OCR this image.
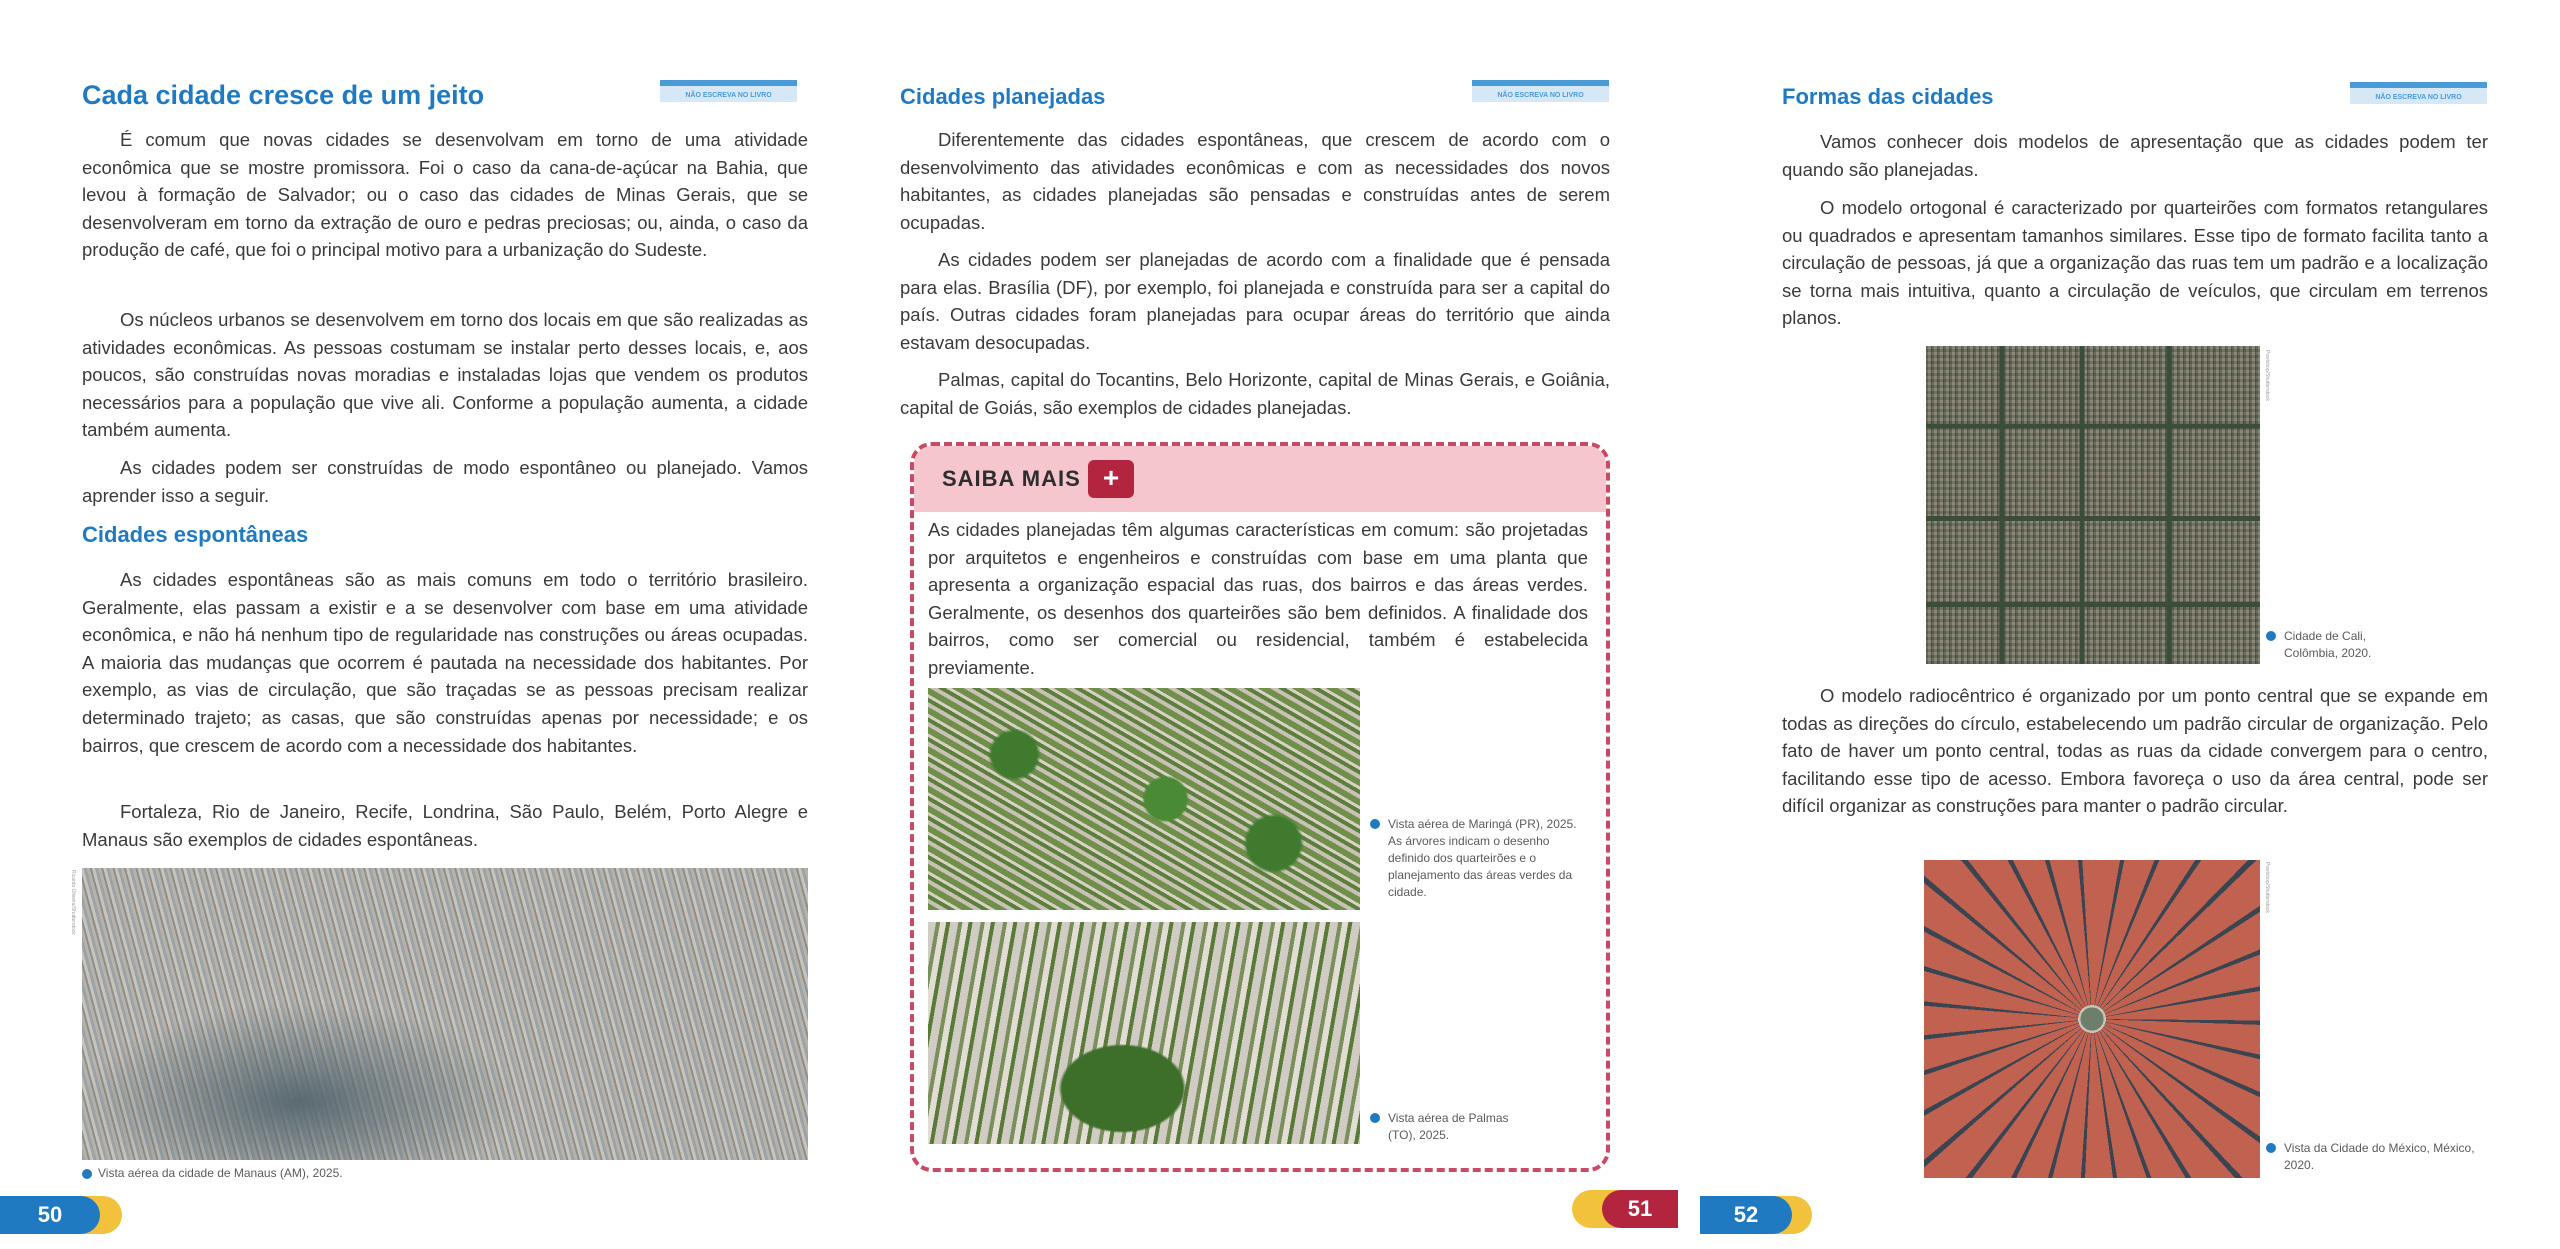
Cada cidade cresce de um jeito	NÃO ESCREVA NO LIVRO

É comum que novas cidades se desenvolvam em torno de uma atividade econômica que se mostre promissora. Foi o caso da cana-de-açúcar na Bahia, que levou à formação de Salvador; ou o caso das cidades de Minas Gerais, que se desenvolveram em torno da extração de ouro e pedras preciosas; ou, ainda, o caso da produção de café, que foi o principal motivo para a urbanização do Sudeste.

Os núcleos urbanos se desenvolvem em torno dos locais em que são realizadas as atividades econômicas. As pessoas costumam se instalar perto desses locais, e, aos poucos, são construídas novas moradias e instaladas lojas que vendem os produtos necessários para a população que vive ali. Conforme a população aumenta, a cidade também aumenta.

As cidades podem ser construídas de modo espontâneo ou planejado. Vamos aprender isso a seguir.

Cidades espontâneas

As cidades espontâneas são as mais comuns em todo o território brasileiro. Geralmente, elas passam a existir e a se desenvolver com base em uma atividade econômica, e não há nenhum tipo de regularidade nas construções ou áreas ocupadas. A maioria das mudanças que ocorrem é pautada na necessidade dos habitantes. Por exemplo, as vias de circulação, que são traçadas se as pessoas precisam realizar determinado trajeto; as casas, que são construídas apenas por necessidade; e os bairros, que crescem de acordo com a necessidade dos habitantes.

Fortaleza, Rio de Janeiro, Recife, Londrina, São Paulo, Belém, Porto Alegre e Manaus são exemplos de cidades espontâneas.

Ricardo Oliveira/Shutterstock
Vista aérea da cidade de Manaus (AM), 2025.
50
Cidades planejadas	NÃO ESCREVA NO LIVRO

Diferentemente das cidades espontâneas, que crescem de acordo com o desenvolvimento das atividades econômicas e com as necessidades dos novos habitantes, as cidades planejadas são pensadas e construídas antes de serem ocupadas.

As cidades podem ser planejadas de acordo com a finalidade que é pensada para elas. Brasília (DF), por exemplo, foi planejada e construída para ser a capital do país. Outras cidades foram planejadas para ocupar áreas do território que ainda estavam desocupadas.

Palmas, capital do Tocantins, Belo Horizonte, capital de Minas Gerais, e Goiânia, capital de Goiás, são exemplos de cidades planejadas.

SAIBA MAIS +

As cidades planejadas têm algumas características em comum: são projetadas por arquitetos e engenheiros e construídas com base em uma planta que apresenta a organização espacial das ruas, dos bairros e das áreas verdes. Geralmente, os desenhos dos quarteirões são bem definidos. A finalidade dos bairros, como ser comercial ou residencial, também é estabelecida previamente.

Vista aérea de Maringá (PR), 2025. As árvores indicam o desenho definido dos quarteirões e o planejamento das áreas verdes da cidade.
Vista aérea de Palmas (TO), 2025.
51
Formas das cidades	NÃO ESCREVA NO LIVRO

Vamos conhecer dois modelos de apresentação que as cidades podem ter quando são planejadas.

O modelo ortogonal é caracterizado por quarteirões com formatos retangulares ou quadrados e apresentam tamanhos similares. Esse tipo de formato facilita tanto a circulação de pessoas, já que a organização das ruas tem um padrão e a localização se torna mais intuitiva, quanto a circulação de veículos, que circulam em terrenos planos.

Pixelshop/Shutterstock
Cidade de Cali, Colômbia, 2020.

O modelo radiocêntrico é organizado por um ponto central que se expande em todas as direções do círculo, estabelecendo um padrão circular de organização. Pelo fato de haver um ponto central, todas as ruas da cidade convergem para o centro, facilitando esse tipo de acesso. Embora favoreça o uso da área central, pode ser difícil organizar as construções para manter o padrão circular.

Pixelshop/Shutterstock
Vista da Cidade do México, México, 2020.
52
